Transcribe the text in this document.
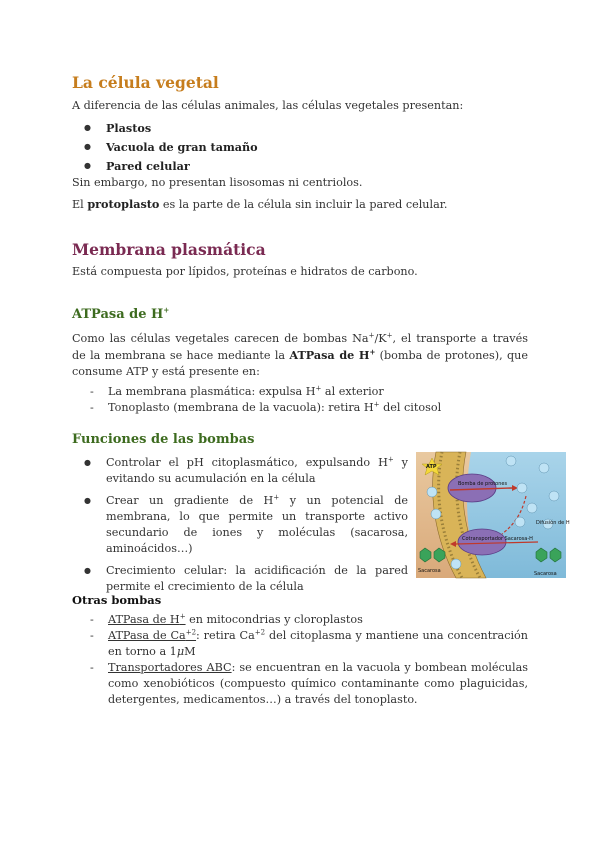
La célula vegetal

A diferencia de las células animales, las células vegetales presentan:

● Plastos
● Vacuola de gran tamaño
● Pared celular

Sin embargo, no presentan lisosomas ni centriolos.

El protoplasto es la parte de la célula sin incluir la pared celular.

Membrana plasmática

Está compuesta por lípidos, proteínas e hidratos de carbono.

ATPasa de H+

Como las células vegetales carecen de bombas Na+/K+, el transporte a través de la membrana se hace mediante la ATPasa de H+ (bomba de protones), que consume ATP y está presente en:

- La membrana plasmática: expulsa H+ al exterior
- Tonoplasto (membrana de la vacuola): retira H+ del citosol
Funciones de las bombas
● Controlar el pH citoplasmático, expulsando H+ y evitando su acumulación en la célula
● Crear un gradiente de H+ y un potencial de membrana, lo que permite un transporte activo secundario de iones y moléculas (sacarosa, aminoácidos…)
● Crecimiento celular: la acidificación de la pared permite el crecimiento de la célula
ATP
Bomba de protones
Cotransportador Sacarosa-H
Difusión de H
Sacarosa	Sacarosa
Otras bombas
- ATPasa de H+ en mitocondrias y cloroplastos
- ATPasa de $Ca^{+2}$: retira $Ca^{+2}$ del citoplasma y mantiene una concentración en torno a 1μM
- Transportadores ABC: se encuentran en la vacuola y bombean moléculas como xenobióticos (compuesto químico contaminante como plaguicidas, detergentes, medicamentos…) a través del tonoplasto.
